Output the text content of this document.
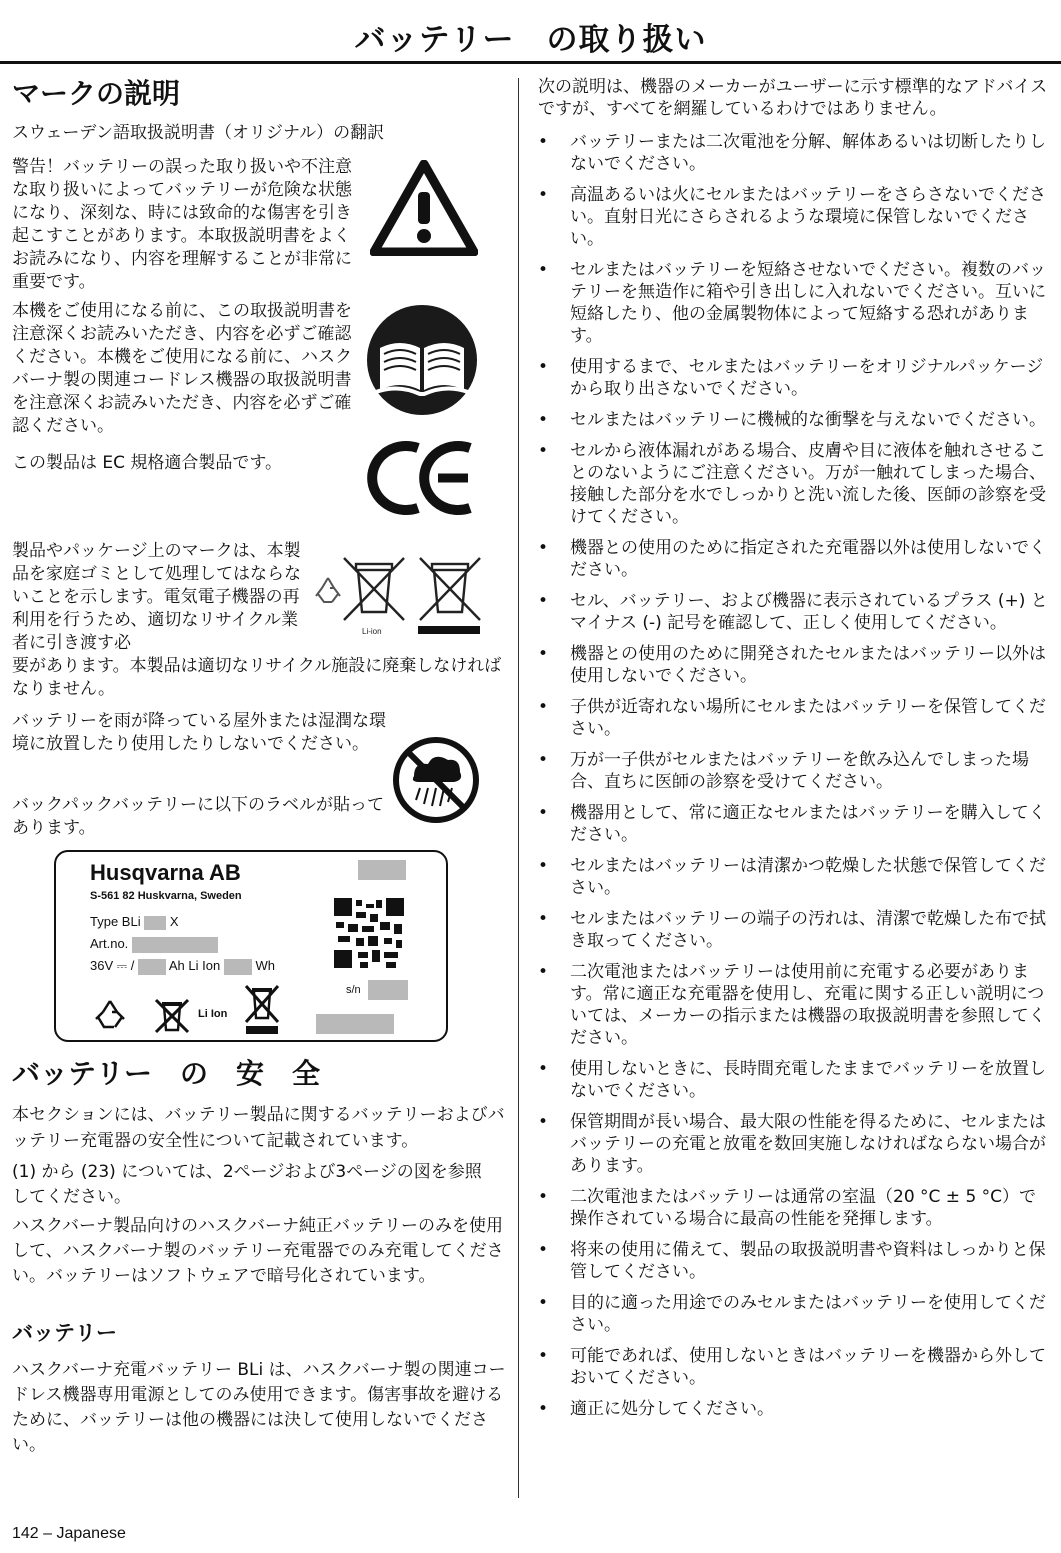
バッテリー　の取り扱い
マークの説明

スウェーデン語取扱説明書（オリジナル）の翻訳

警告！バッテリーの誤った取り扱いや不注意な取り扱いによってバッテリーが危険な状態になり、深刻な、時には致命的な傷害を引き起こすことがあります。本取扱説明書をよくお読みになり、内容を理解することが非常に重要です。

本機をご使用になる前に、この取扱説明書を注意深くお読みいただき、内容を必ずご確認ください。本機をご使用になる前に、ハスクバーナ製の関連コードレス機器の取扱説明書を注意深くお読みいただき、内容を必ずご確認ください。

この製品は EC 規格適合製品です。

製品やパッケージ上のマークは、本製品を家庭ゴミとして処理してはならないことを示します。電気電子機器の再利用を行うため、適切なリサイクル業者に引き渡す必
要があります。本製品は適切なリサイクル施設に廃棄しなければなりません。

バッテリーを雨が降っている屋外または湿潤な環境に放置したり使用したりしないでください。

バックパックバッテリーに以下のラベルが貼ってあります。

バッテリー　の　安　全

本セクションには、バッテリー製品に関するバッテリーおよびバッテリー充電器の安全性について記載されています。

(1) から (23) については、2ページおよび3ページの図を参照してください。

ハスクバーナ製品向けのハスクバーナ純正バッテリーのみを使用して、ハスクバーナ製のバッテリー充電器でのみ充電してください。バッテリーはソフトウェアで暗号化されています。

バッテリー

ハスクバーナ充電バッテリー BLi は、ハスクバーナ製の関連コードレス機器専用電源としてのみ使用できます。傷害事故を避けるために、バッテリーは他の機器には決して使用しないでください。

Li-ion
Husqvarna AB
S-561 82 Huskvarna, Sweden
Type BLi X
Art.no.
36V ⎓ /	Ah Li Ion	Wh
s/n
Li Ion

次の説明は、機器のメーカーがユーザーに示す標準的なアドバイスですが、すべてを網羅しているわけではありません。

• バッテリーまたは二次電池を分解、解体あるいは切断したりしないでください。
• 高温あるいは火にセルまたはバッテリーをさらさないでください。直射日光にさらされるような環境に保管しないでください。
• セルまたはバッテリーを短絡させないでください。複数のバッテリーを無造作に箱や引き出しに入れないでください。互いに短絡したり、他の金属製物体によって短絡する恐れがあります。
• 使用するまで、セルまたはバッテリーをオリジナルパッケージから取り出さないでください。
• セルまたはバッテリーに機械的な衝撃を与えないでください。
• セルから液体漏れがある場合、皮膚や目に液体を触れさせることのないようにご注意ください。万が一触れてしまった場合、接触した部分を水でしっかりと洗い流した後、医師の診察を受けてください。
• 機器との使用のために指定された充電器以外は使用しないでください。
• セル、バッテリー、および機器に表示されているプラス (+) とマイナス (-) 記号を確認して、正しく使用してください。
• 機器との使用のために開発されたセルまたはバッテリー以外は使用しないでください。
• 子供が近寄れない場所にセルまたはバッテリーを保管してください。
• 万が一子供がセルまたはバッテリーを飲み込んでしまった場合、直ちに医師の診察を受けてください。
• 機器用として、常に適正なセルまたはバッテリーを購入してください。
• セルまたはバッテリーは清潔かつ乾燥した状態で保管してください。
• セルまたはバッテリーの端子の汚れは、清潔で乾燥した布で拭き取ってください。
• 二次電池またはバッテリーは使用前に充電する必要があります。常に適正な充電器を使用し、充電に関する正しい説明については、メーカーの指示または機器の取扱説明書を参照してください。
• 使用しないときに、長時間充電したままでバッテリーを放置しないでください。
• 保管期間が長い場合、最大限の性能を得るために、セルまたはバッテリーの充電と放電を数回実施しなければならない場合があります。
• 二次電池またはバッテリーは通常の室温（20 °C ± 5 °C）で操作されている場合に最高の性能を発揮します。
• 将来の使用に備えて、製品の取扱説明書や資料はしっかりと保管してください。
• 目的に適った用途でのみセルまたはバッテリーを使用してください。
• 可能であれば、使用しないときはバッテリーを機器から外しておいてください。
• 適正に処分してください。
142 – Japanese
